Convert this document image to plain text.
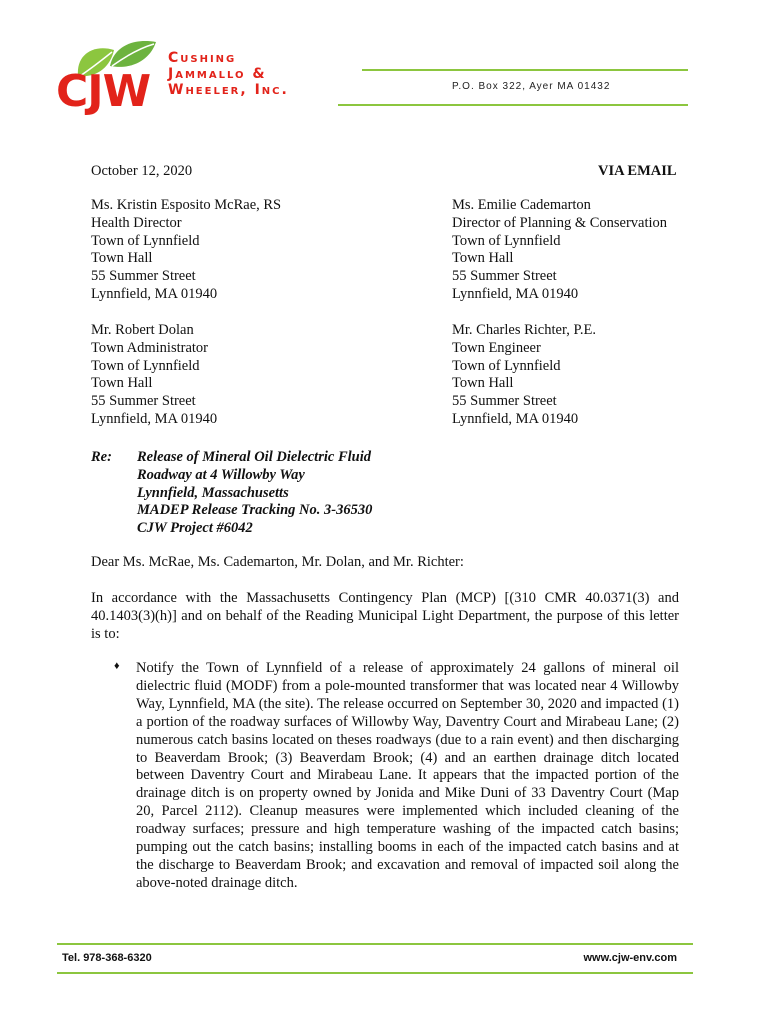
CJW
Cushing
Jammallo &
Wheeler, Inc.	P.O. Box 322, Ayer MA 01432
October 12, 2020	VIA EMAIL
Ms. Kristin Esposito McRae, RS
Health Director
Town of Lynnfield
Town Hall
55 Summer Street
Lynnfield, MA 01940
Ms. Emilie Cademarton
Director of Planning & Conservation
Town of Lynnfield
Town Hall
55 Summer Street
Lynnfield, MA 01940
Mr. Robert Dolan
Town Administrator
Town of Lynnfield
Town Hall
55 Summer Street
Lynnfield, MA 01940
Mr. Charles Richter, P.E.
Town Engineer
Town of Lynnfield
Town Hall
55 Summer Street
Lynnfield, MA 01940
Re: Release of Mineral Oil Dielectric Fluid
Roadway at 4 Willowby Way
Lynnfield, Massachusetts
MADEP Release Tracking No. 3-36530
CJW Project #6042
Dear Ms. McRae, Ms. Cademarton, Mr. Dolan, and Mr. Richter:
In accordance with the Massachusetts Contingency Plan (MCP) [(310 CMR 40.0371(3) and 40.1403(3)(h)] and on behalf of the Reading Municipal Light Department, the purpose of this letter is to:
♦ Notify the Town of Lynnfield of a release of approximately 24 gallons of mineral oil dielectric fluid (MODF) from a pole-mounted transformer that was located near 4 Willowby Way, Lynnfield, MA (the site). The release occurred on September 30, 2020 and impacted (1) a portion of the roadway surfaces of Willowby Way, Daventry Court and Mirabeau Lane; (2) numerous catch basins located on theses roadways (due to a rain event) and then discharging to Beaverdam Brook; (3) Beaverdam Brook; (4) and an earthen drainage ditch located between Daventry Court and Mirabeau Lane. It appears that the impacted portion of the drainage ditch is on property owned by Jonida and Mike Duni of 33 Daventry Court (Map 20, Parcel 2112). Cleanup measures were implemented which included cleaning of the roadway surfaces; pressure and high temperature washing of the impacted catch basins; pumping out the catch basins; installing booms in each of the impacted catch basins and at the discharge to Beaverdam Brook; and excavation and removal of impacted soil along the above-noted drainage ditch.
Tel. 978-368-6320	www.cjw-env.com
